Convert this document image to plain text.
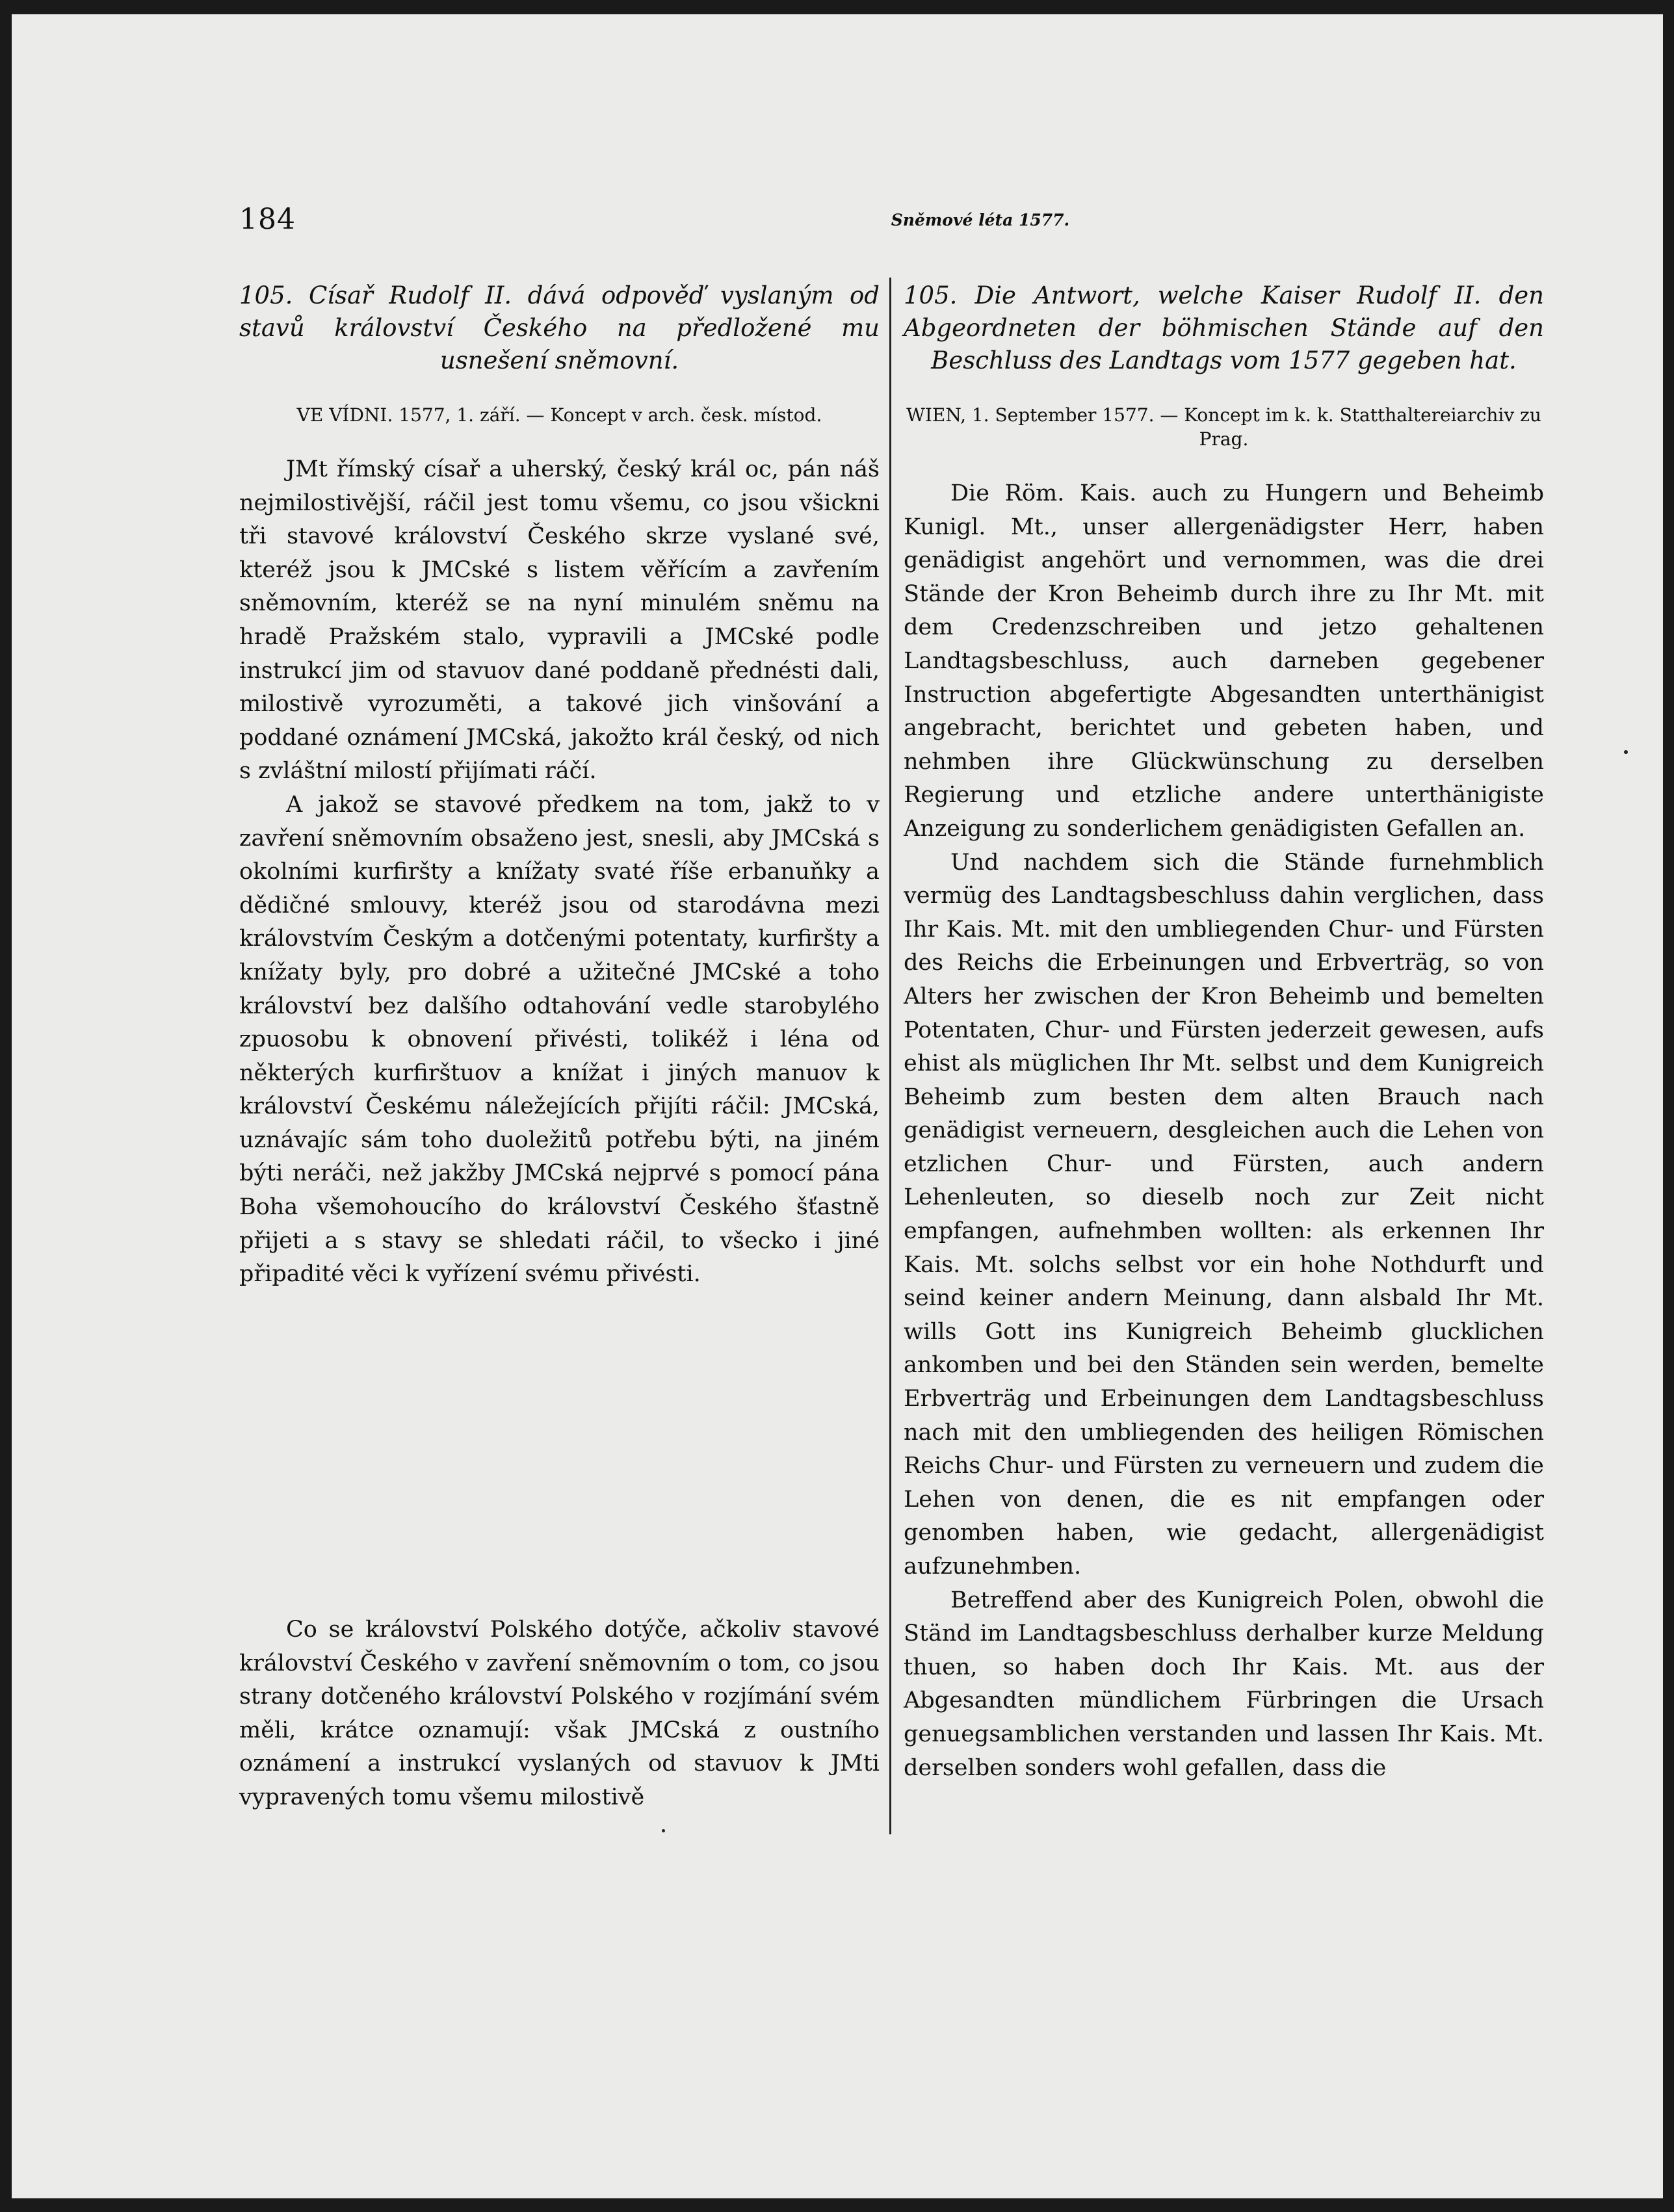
184	Sněmové léta 1577.

105. Císař Rudolf II. dává odpověď vyslaným od stavů království Českého na předložené mu usnešení sněmovní.

VE VÍDNI. 1577, 1. září. — Koncept v arch. česk. místod.

JMt římský císař a uherský, český král oc, pán náš nejmilostivější, ráčil jest tomu všemu, co jsou všickni tři stavové království Českého skrze vyslané své, kteréž jsou k JMCské s listem věřícím a zavřením sněmovním, kteréž se na nyní minulém sněmu na hradě Pražském stalo, vypravili a JMCské podle instrukcí jim od stavuov dané poddaně přednésti dali, milostivě vyrozuměti, a takové jich vinšování a poddané oznámení JMCská, jakožto král český, od nich s zvláštní milostí přijímati ráčí.

A jakož se stavové předkem na tom, jakž to v zavření sněmovním obsaženo jest, snesli, aby JMCská s okolními kurfiršty a knížaty svaté říše erbanuňky a dědičné smlouvy, kteréž jsou od starodávna mezi královstvím Českým a dotčenými potentaty, kurfiršty a knížaty byly, pro dobré a užitečné JMCské a toho království bez dalšího odtahování vedle starobylého zpuosobu k obnovení přivésti, tolikéž i léna od některých kurfirštuov a knížat i jiných manuov k království Českému náležejících přijíti ráčil: JMCská, uznávajíc sám toho duoležitů potřebu býti, na jiném býti neráči, než jakžby JMCská nejprvé s pomocí pána Boha všemohoucího do království Českého šťastně přijeti a s stavy se shledati ráčil, to všecko i jiné připadité věci k vyřízení svému přivésti.

Co se království Polského dotýče, ačkoliv stavové království Českého v zavření sněmovním o tom, co jsou strany dotčeného království Polského v rozjímání svém měli, krátce oznamují: však JMCská z oustního oznámení a instrukcí vyslaných od stavuov k JMti vypravených tomu všemu milostivě

105. Die Antwort, welche Kaiser Rudolf II. den Abgeordneten der böhmischen Stände auf den Beschluss des Landtags vom 1577 gegeben hat.

WIEN, 1. September 1577. — Koncept im k. k. Statthaltereiarchiv zu Prag.

Die Röm. Kais. auch zu Hungern und Beheimb Kunigl. Mt., unser allergenädigster Herr, haben genädigist angehört und vernommen, was die drei Stände der Kron Beheimb durch ihre zu Ihr Mt. mit dem Credenzschreiben und jetzo gehaltenen Landtagsbeschluss, auch darneben gegebener Instruction abgefertigte Abgesandten unterthänigist angebracht, berichtet und gebeten haben, und nehmben ihre Glückwünschung zu derselben Regierung und etzliche andere unterthänigiste Anzeigung zu sonderlichem genädigisten Gefallen an.

Und nachdem sich die Stände furnehmblich vermüg des Landtagsbeschluss dahin verglichen, dass Ihr Kais. Mt. mit den umbliegenden Chur- und Fürsten des Reichs die Erbeinungen und Erbverträg, so von Alters her zwischen der Kron Beheimb und bemelten Potentaten, Chur- und Fürsten jederzeit gewesen, aufs ehist als müglichen Ihr Mt. selbst und dem Kunigreich Beheimb zum besten dem alten Brauch nach genädigist verneuern, desgleichen auch die Lehen von etzlichen Chur- und Fürsten, auch andern Lehenleuten, so dieselb noch zur Zeit nicht empfangen, aufnehmben wollten: als erkennen Ihr Kais. Mt. solchs selbst vor ein hohe Nothdurft und seind keiner andern Meinung, dann alsbald Ihr Mt. wills Gott ins Kunigreich Beheimb glucklichen ankomben und bei den Ständen sein werden, bemelte Erbverträg und Erbeinungen dem Landtagsbeschluss nach mit den umbliegenden des heiligen Römischen Reichs Chur- und Fürsten zu verneuern und zudem die Lehen von denen, die es nit empfangen oder genomben haben, wie gedacht, allergenädigist aufzunehmben.

Betreffend aber des Kunigreich Polen, obwohl die Ständ im Landtagsbeschluss derhalber kurze Meldung thuen, so haben doch Ihr Kais. Mt. aus der Abgesandten mündlichem Fürbringen die Ursach genuegsamblichen verstanden und lassen Ihr Kais. Mt. derselben sonders wohl gefallen, dass die
